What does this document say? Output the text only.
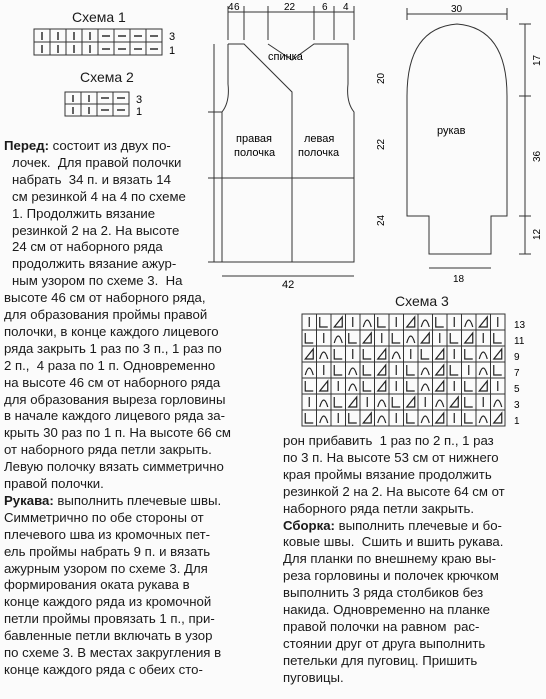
Схема 1
3
1
Схема 2
3
1
4 6	22	6 4
20
22
24
42
спинка
правая
полочка
левая
полочка
30
17
36
12
18
рукав
Схема 3
13
11
9
7
5
3
1
Перед: состоит из двух по-
лочек.  Для правой полочки
набрать  34 п. и вязать 14
см резинкой 4 на 4 по схеме
1. Продолжить вязание
резинкой 2 на 2. На высоте
24 см от наборного ряда
продолжить вязание ажур-
ным узором по схеме 3.  На
высоте 46 см от наборного ряда,
для образования проймы правой
полочки, в конце каждого лицевого
ряда закрыть 1 раз по 3 п., 1 раз по
2 п.,  4 раза по 1 п. Одновременно
на высоте 46 см от наборного ряда
для образования выреза горловины
в начале каждого лицевого ряда за-
крыть 30 раз по 1 п. На высоте 66 см
от наборного ряда петли закрыть.
Левую полочку вязать симметрично
правой полочки.
Рукава: выполнить плечевые швы.
Симметрично по обе стороны от
плечевого шва из кромочных пет-
ель проймы набрать 9 п. и вязать
ажурным узором по схеме 3. Для
формирования оката рукава в
конце каждого ряда из кромочной
петли проймы провязать 1 п., при-
бавленные петли включать в узор
по схеме 3. В местах закругления в
конце каждого ряда с обеих сто-
рон прибавить  1 раз по 2 п., 1 раз
по 3 п. На высоте 53 см от нижнего
края проймы вязание продолжить
резинкой 2 на 2. На высоте 64 см от
наборного ряда петли закрыть.
Сборка: выполнить плечевые и бо-
ковые швы.  Сшить и вшить рукава.
Для планки по внешнему краю вы-
реза горловины и полочек крючком
выполнить 3 ряда столбиков без
накида. Одновременно на планке
правой полочки на равном  рас-
стоянии друг от друга выполнить
петельки для пуговиц. Пришить
пуговицы.
